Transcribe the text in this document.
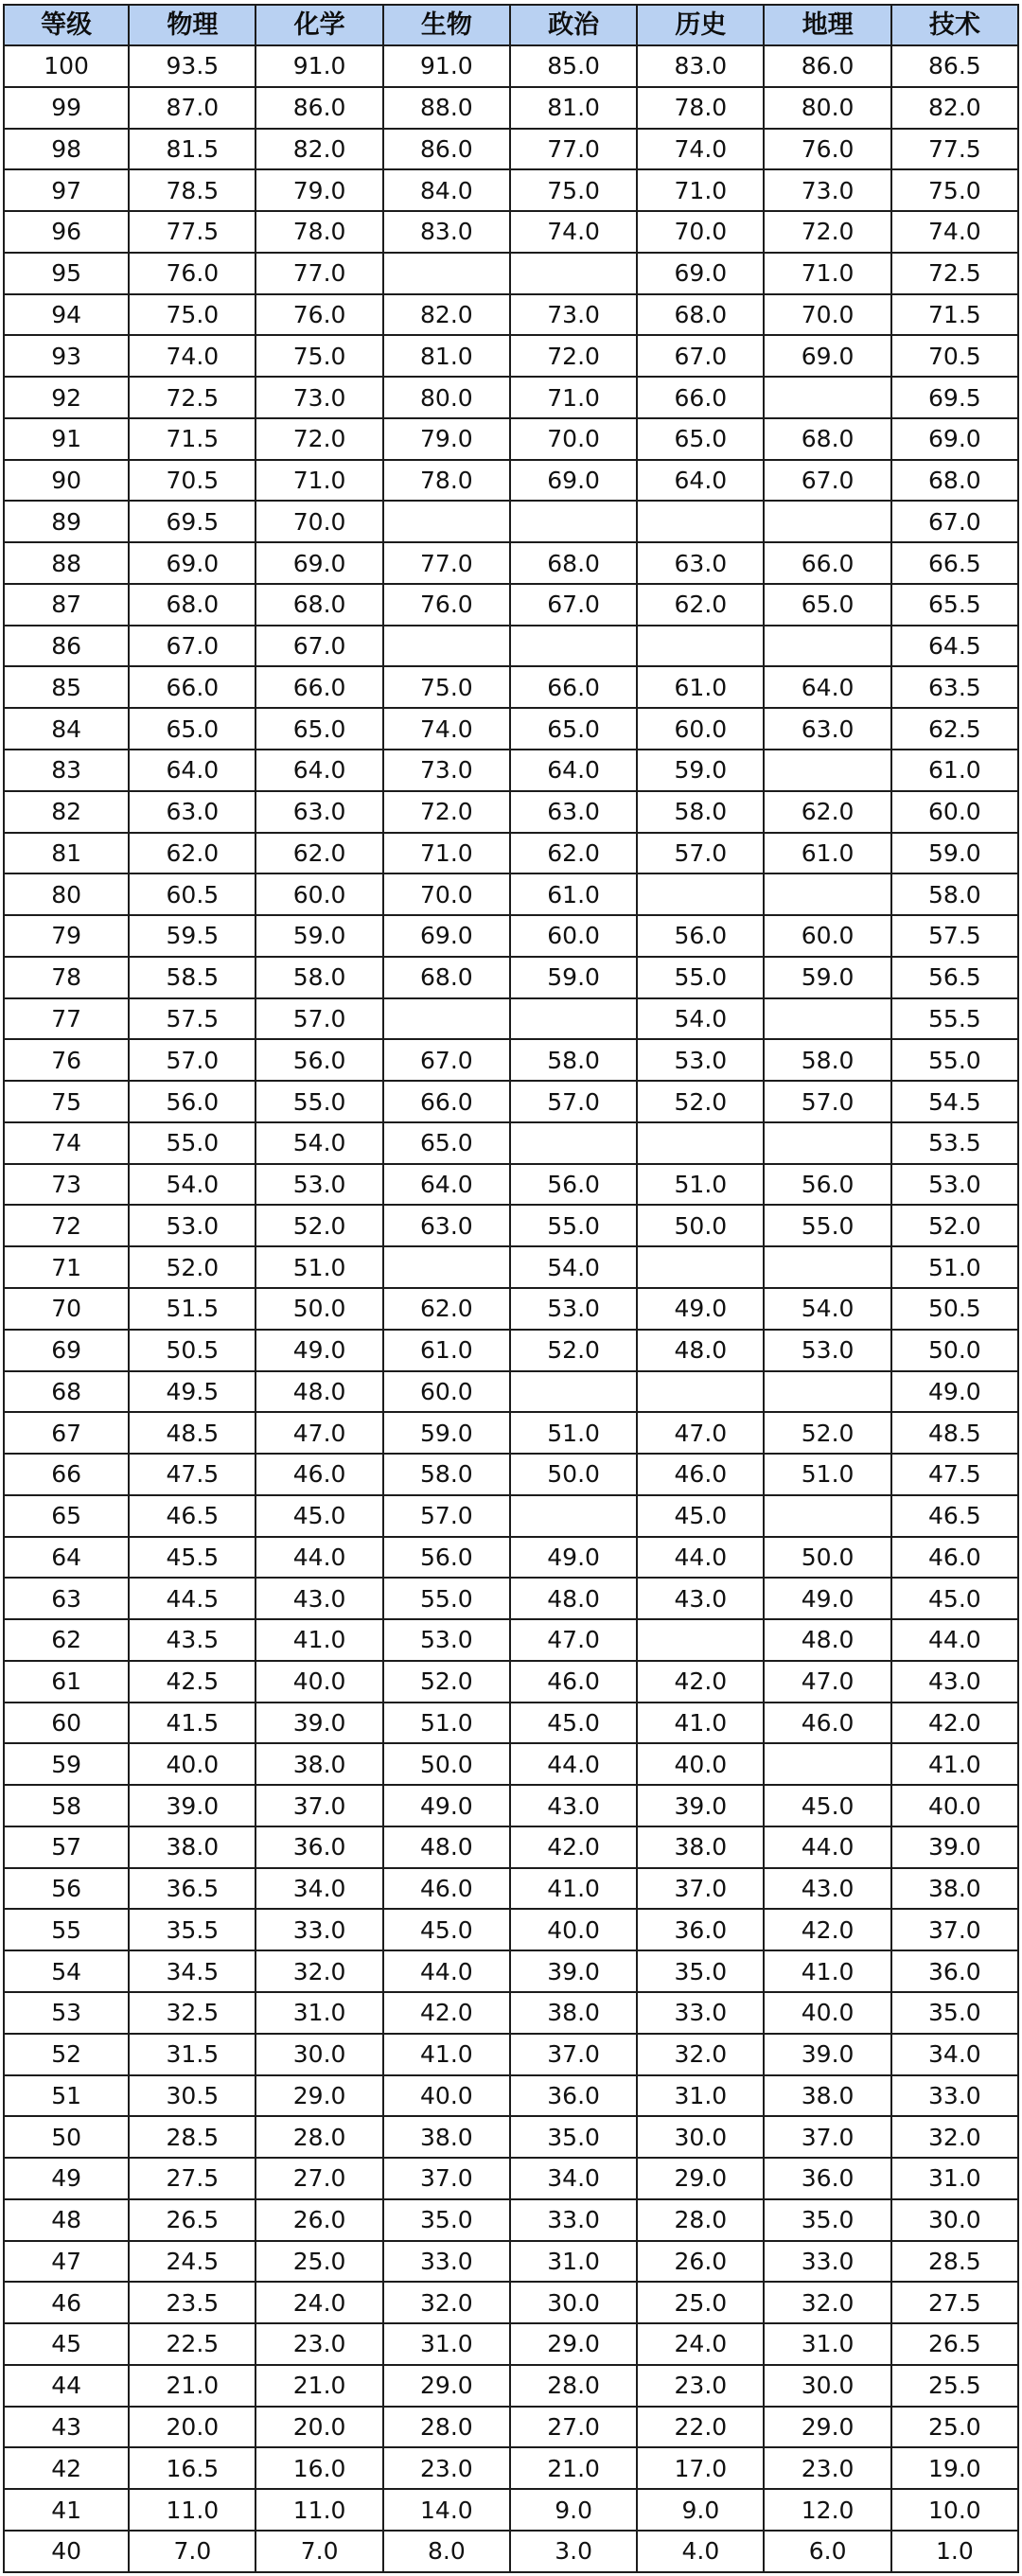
等级	物理	化学	生物	政治	历史	地理	技术
100	93.5	91.0	91.0	85.0	83.0	86.0	86.5
99	87.0	86.0	88.0	81.0	78.0	80.0	82.0
98	81.5	82.0	86.0	77.0	74.0	76.0	77.5
97	78.5	79.0	84.0	75.0	71.0	73.0	75.0
96	77.5	78.0	83.0	74.0	70.0	72.0	74.0
95	76.0	77.0			69.0	71.0	72.5
94	75.0	76.0	82.0	73.0	68.0	70.0	71.5
93	74.0	75.0	81.0	72.0	67.0	69.0	70.5
92	72.5	73.0	80.0	71.0	66.0		69.5
91	71.5	72.0	79.0	70.0	65.0	68.0	69.0
90	70.5	71.0	78.0	69.0	64.0	67.0	68.0
89	69.5	70.0					67.0
88	69.0	69.0	77.0	68.0	63.0	66.0	66.5
87	68.0	68.0	76.0	67.0	62.0	65.0	65.5
86	67.0	67.0					64.5
85	66.0	66.0	75.0	66.0	61.0	64.0	63.5
84	65.0	65.0	74.0	65.0	60.0	63.0	62.5
83	64.0	64.0	73.0	64.0	59.0		61.0
82	63.0	63.0	72.0	63.0	58.0	62.0	60.0
81	62.0	62.0	71.0	62.0	57.0	61.0	59.0
80	60.5	60.0	70.0	61.0			58.0
79	59.5	59.0	69.0	60.0	56.0	60.0	57.5
78	58.5	58.0	68.0	59.0	55.0	59.0	56.5
77	57.5	57.0			54.0		55.5
76	57.0	56.0	67.0	58.0	53.0	58.0	55.0
75	56.0	55.0	66.0	57.0	52.0	57.0	54.5
74	55.0	54.0	65.0				53.5
73	54.0	53.0	64.0	56.0	51.0	56.0	53.0
72	53.0	52.0	63.0	55.0	50.0	55.0	52.0
71	52.0	51.0		54.0			51.0
70	51.5	50.0	62.0	53.0	49.0	54.0	50.5
69	50.5	49.0	61.0	52.0	48.0	53.0	50.0
68	49.5	48.0	60.0				49.0
67	48.5	47.0	59.0	51.0	47.0	52.0	48.5
66	47.5	46.0	58.0	50.0	46.0	51.0	47.5
65	46.5	45.0	57.0		45.0		46.5
64	45.5	44.0	56.0	49.0	44.0	50.0	46.0
63	44.5	43.0	55.0	48.0	43.0	49.0	45.0
62	43.5	41.0	53.0	47.0		48.0	44.0
61	42.5	40.0	52.0	46.0	42.0	47.0	43.0
60	41.5	39.0	51.0	45.0	41.0	46.0	42.0
59	40.0	38.0	50.0	44.0	40.0		41.0
58	39.0	37.0	49.0	43.0	39.0	45.0	40.0
57	38.0	36.0	48.0	42.0	38.0	44.0	39.0
56	36.5	34.0	46.0	41.0	37.0	43.0	38.0
55	35.5	33.0	45.0	40.0	36.0	42.0	37.0
54	34.5	32.0	44.0	39.0	35.0	41.0	36.0
53	32.5	31.0	42.0	38.0	33.0	40.0	35.0
52	31.5	30.0	41.0	37.0	32.0	39.0	34.0
51	30.5	29.0	40.0	36.0	31.0	38.0	33.0
50	28.5	28.0	38.0	35.0	30.0	37.0	32.0
49	27.5	27.0	37.0	34.0	29.0	36.0	31.0
48	26.5	26.0	35.0	33.0	28.0	35.0	30.0
47	24.5	25.0	33.0	31.0	26.0	33.0	28.5
46	23.5	24.0	32.0	30.0	25.0	32.0	27.5
45	22.5	23.0	31.0	29.0	24.0	31.0	26.5
44	21.0	21.0	29.0	28.0	23.0	30.0	25.5
43	20.0	20.0	28.0	27.0	22.0	29.0	25.0
42	16.5	16.0	23.0	21.0	17.0	23.0	19.0
41	11.0	11.0	14.0	9.0	9.0	12.0	10.0
40	7.0	7.0	8.0	3.0	4.0	6.0	1.0
